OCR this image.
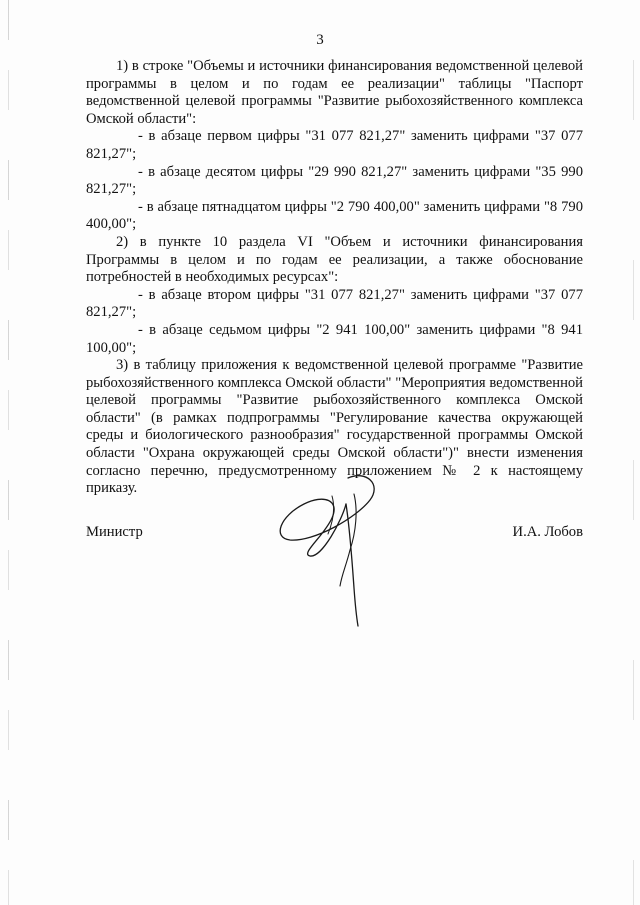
3

1) в строке "Объемы и источники финансирования ведомственной целевой программы в целом и по годам ее реализации" таблицы "Паспорт ведомственной целевой программы "Развитие рыбохозяйственного комплекса Омской области":

- в абзаце первом цифры "31 077 821,27" заменить цифрами "37 077 821,27";

- в абзаце десятом цифры "29 990 821,27" заменить цифрами "35 990 821,27";

- в абзаце пятнадцатом цифры "2 790 400,00" заменить цифрами "8 790 400,00";

2) в пункте 10 раздела VI "Объем и источники финансирования Программы в целом и по годам ее реализации, а также обоснование потребностей в необходимых ресурсах":

- в абзаце втором цифры "31 077 821,27" заменить цифрами "37 077 821,27";

- в абзаце седьмом цифры "2 941 100,00" заменить цифрами "8 941 100,00";

3) в таблицу приложения к ведомственной целевой программе "Развитие рыбохозяйственного комплекса Омской области" "Мероприятия ведомственной целевой программы "Развитие рыбохозяйственного комплекса Омской области" (в рамках подпрограммы "Регулирование качества окружающей среды и биологического разнообразия" государственной программы Омской области "Охрана окружающей среды Омской области")" внести изменения согласно перечню, предусмотренному приложением № 2 к настоящему приказу.

Министр	И.А. Лобов
